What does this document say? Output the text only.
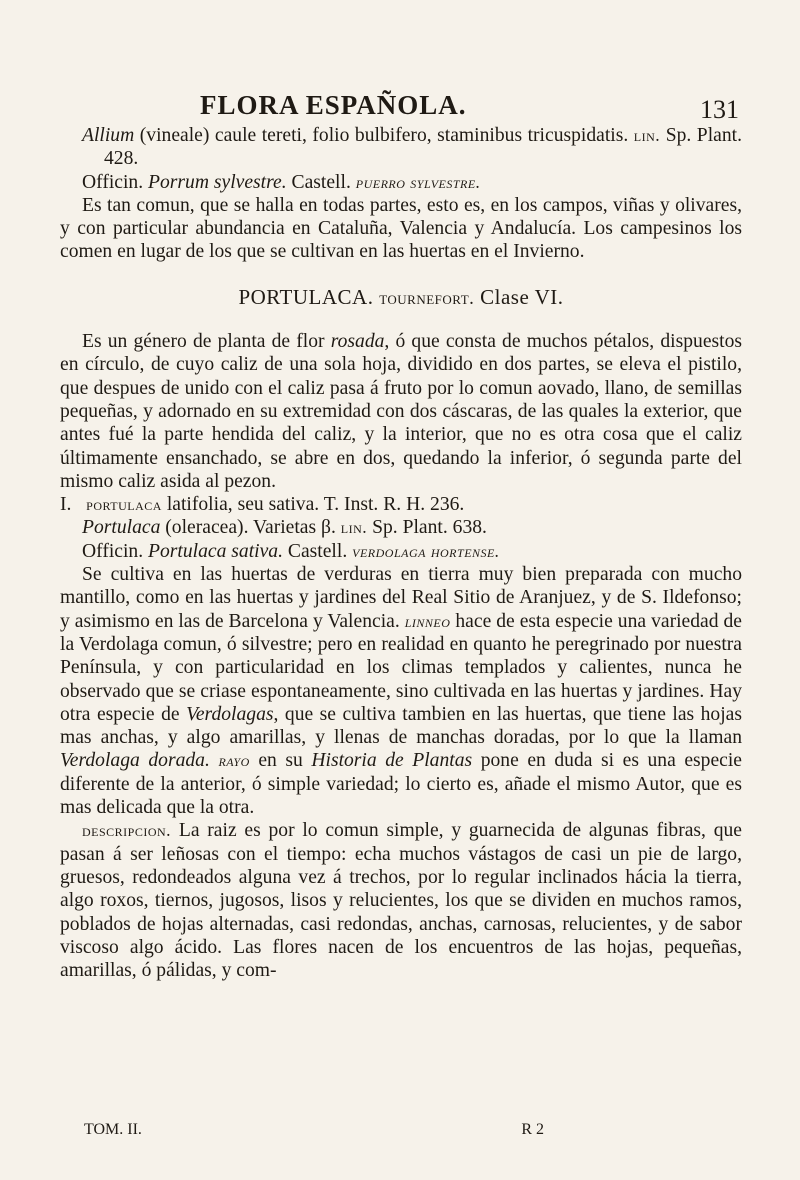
FLORA ESPAÑOLA.	131

Allium (vineale) caule tereti, folio bulbifero, staminibus tricuspidatis. lin. Sp. Plant. 428.

Officin. Porrum sylvestre. Castell. puerro sylvestre.

Es tan comun, que se halla en todas partes, esto es, en los campos, viñas y olivares, y con particular abundancia en Cataluña, Valencia y Andalucía. Los campesinos los comen en lugar de los que se cultivan en las huertas en el Invierno.

PORTULACA. tournefort. Clase VI.

Es un género de planta de flor rosada, ó que consta de muchos pétalos, dispuestos en círculo, de cuyo caliz de una sola hoja, dividido en dos partes, se eleva el pistilo, que despues de unido con el caliz pasa á fruto por lo comun aovado, llano, de semillas pequeñas, y adornado en su extremidad con dos cáscaras, de las quales la exterior, que antes fué la parte hendida del caliz, y la interior, que no es otra cosa que el caliz últimamente ensanchado, se abre en dos, quedando la inferior, ó segunda parte del mismo caliz asida al pezon.

I. portulaca latifolia, seu sativa. T. Inst. R. H. 236.

Portulaca (oleracea). Varietas β. lin. Sp. Plant. 638.

Officin. Portulaca sativa. Castell. verdolaga hortense.

Se cultiva en las huertas de verduras en tierra muy bien preparada con mucho mantillo, como en las huertas y jardines del Real Sitio de Aranjuez, y de S. Ildefonso; y asimismo en las de Barcelona y Valencia. linneo hace de esta especie una variedad de la Verdolaga comun, ó silvestre; pero en realidad en quanto he peregrinado por nuestra Península, y con particularidad en los climas templados y calientes, nunca he observado que se criase espontaneamente, sino cultivada en las huertas y jardines. Hay otra especie de Verdolagas, que se cultiva tambien en las huertas, que tiene las hojas mas anchas, y algo amarillas, y llenas de manchas doradas, por lo que la llaman Verdolaga dorada. rayo en su Historia de Plantas pone en duda si es una especie diferente de la anterior, ó simple variedad; lo cierto es, añade el mismo Autor, que es mas delicada que la otra.

descripcion. La raiz es por lo comun simple, y guarnecida de algunas fibras, que pasan á ser leñosas con el tiempo: echa muchos vástagos de casi un pie de largo, gruesos, redondeados alguna vez á trechos, por lo regular inclinados hácia la tierra, algo roxos, tiernos, jugosos, lisos y relucientes, los que se dividen en muchos ramos, poblados de hojas alternadas, casi redondas, anchas, carnosas, relucientes, y de sabor viscoso algo ácido. Las flores nacen de los encuentros de las hojas, pequeñas, amarillas, ó pálidas, y com-

TOM. II.	R 2
